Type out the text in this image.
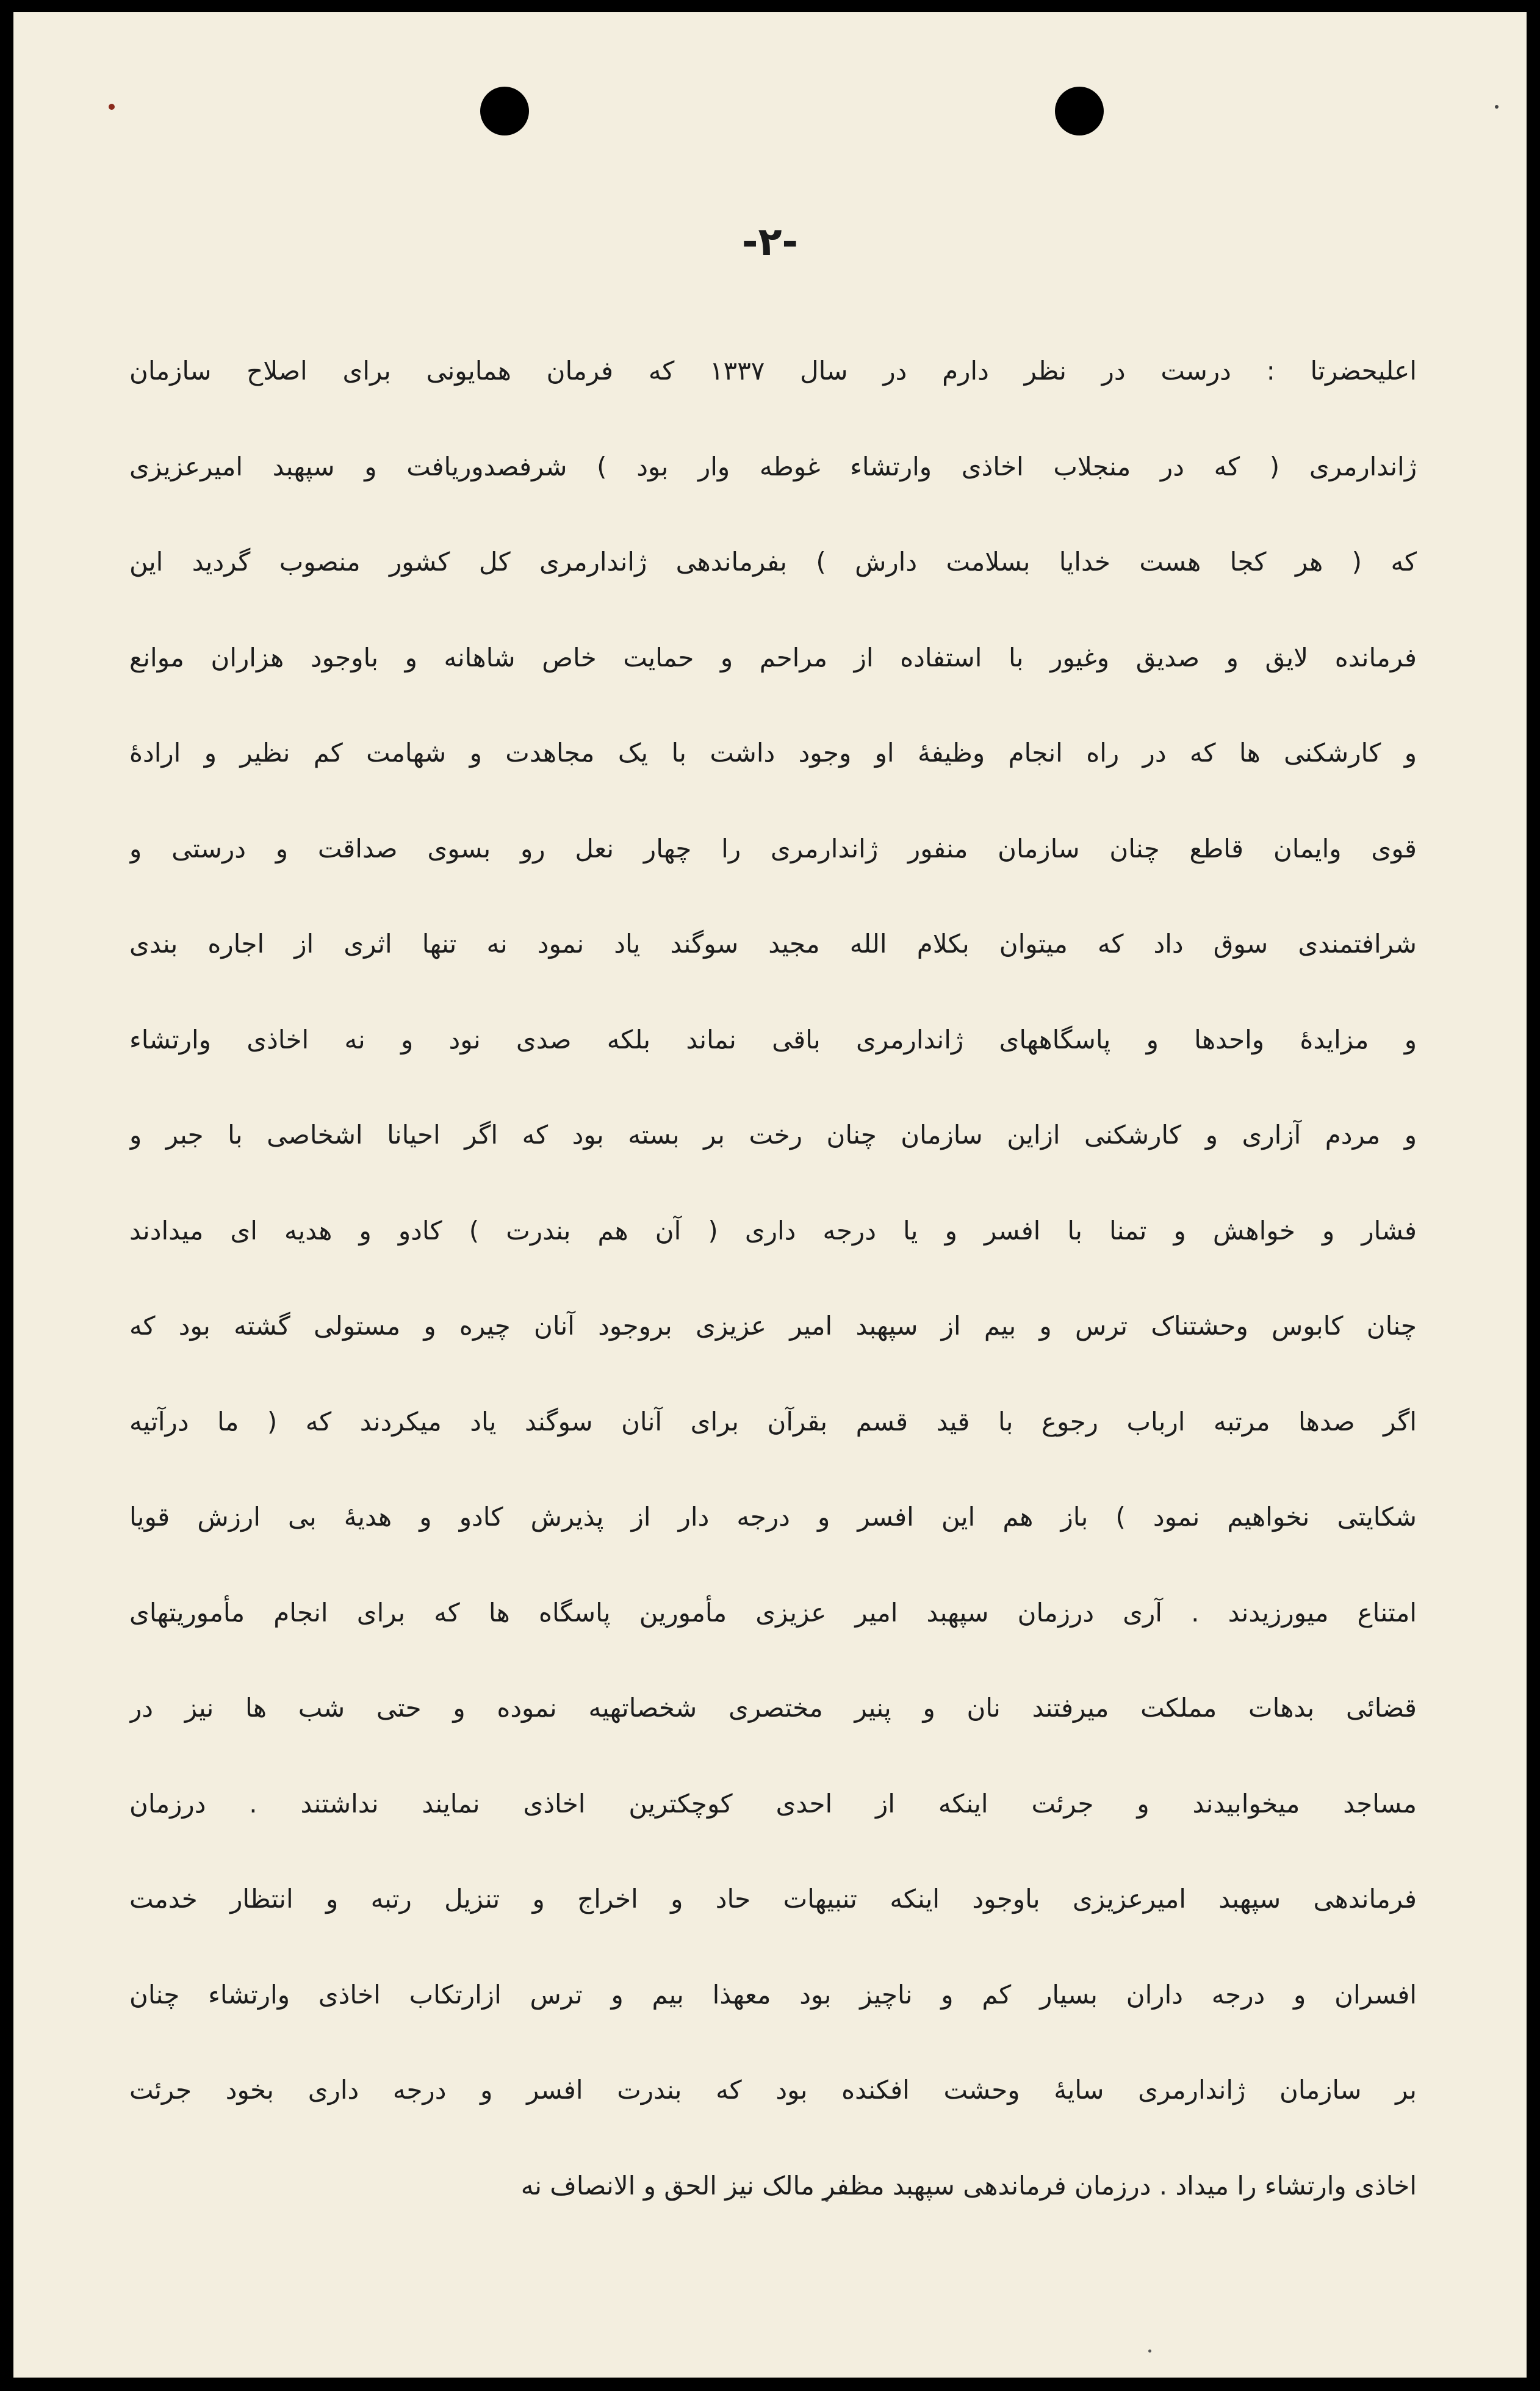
-٢-
اعلیحضرتا : درست در نظر دارم در سال ١٣٣٧ که فرمان همایونی برای اصلاح سازمان
ژاندارمری ( که در منجلاب اخاذی وارتشاء غوطه وار بود ) شرفصدوریافت و سپهبد امیرعزیزی
که ( هر کجا هست خدایا بسلامت دارش ) بفرماندهی ژاندارمری کل کشور منصوب گردید این
فرمانده لایق و صدیق وغیور با استفاده از مراحم و حمایت خاص شاهانه و باوجود هزاران موانع
و کارشکنی ها که در راه انجام وظیفهٔ او وجود داشت با یک مجاهدت و شهامت کم نظیر و ارادهٔ
قوی وایمان قاطع چنان سازمان منفور ژاندارمری را چهار نعل رو بسوی صداقت و درستی و
شرافتمندی سوق داد که میتوان بکلام الله مجید سوگند یاد نمود نه تنها اثری از اجاره بندی
و مزایدهٔ واحدها و پاسگاههای ژاندارمری باقی نماند بلکه صدی نود و نه اخاذی وارتشاء
و مردم آزاری و کارشکنی ازاین سازمان چنان رخت بر بسته بود که اگر احیانا اشخاصی با جبر و
فشار و خواهش و تمنا با افسر و یا درجه داری ( آن هم بندرت ) کادو و هدیه ای میدادند
چنان کابوس وحشتناک ترس و بیم از سپهبد امیر عزیزی بروجود آنان چیره و مستولی گشته بود که
اگر صدها مرتبه ارباب رجوع با قید قسم بقرآن برای آنان سوگند یاد میکردند که ( ما درآتیه
شکایتی نخواهیم نمود ) باز هم این افسر و درجه دار از پذیرش کادو و هدیهٔ بی ارزش قویا
امتناع میورزیدند . آری درزمان سپهبد امیر عزیزی مأمورین پاسگاه ها که برای انجام مأموریتهای
قضائی بدهات مملکت میرفتند نان و پنیر مختصری شخصاتهیه نموده و حتی شب ها نیز در
مساجد میخوابیدند و جرئت اینکه از احدی کوچکترین اخاذی نمایند نداشتند . درزمان
فرماندهی سپهبد امیرعزیزی باوجود اینکه تنبیهات حاد و اخراج و تنزیل رتبه و انتظار خدمت
افسران و درجه داران بسیار کم و ناچیز بود معهذا بیم و ترس ازارتکاب اخاذی وارتشاء چنان
بر سازمان ژاندارمری سایهٔ وحشت افکنده بود که بندرت افسر و درجه داری بخود جرئت
اخاذی وارتشاء را میداد . درزمان فرماندهی سپهبد مظفر مالک نیز الحق و الانصاف نه
